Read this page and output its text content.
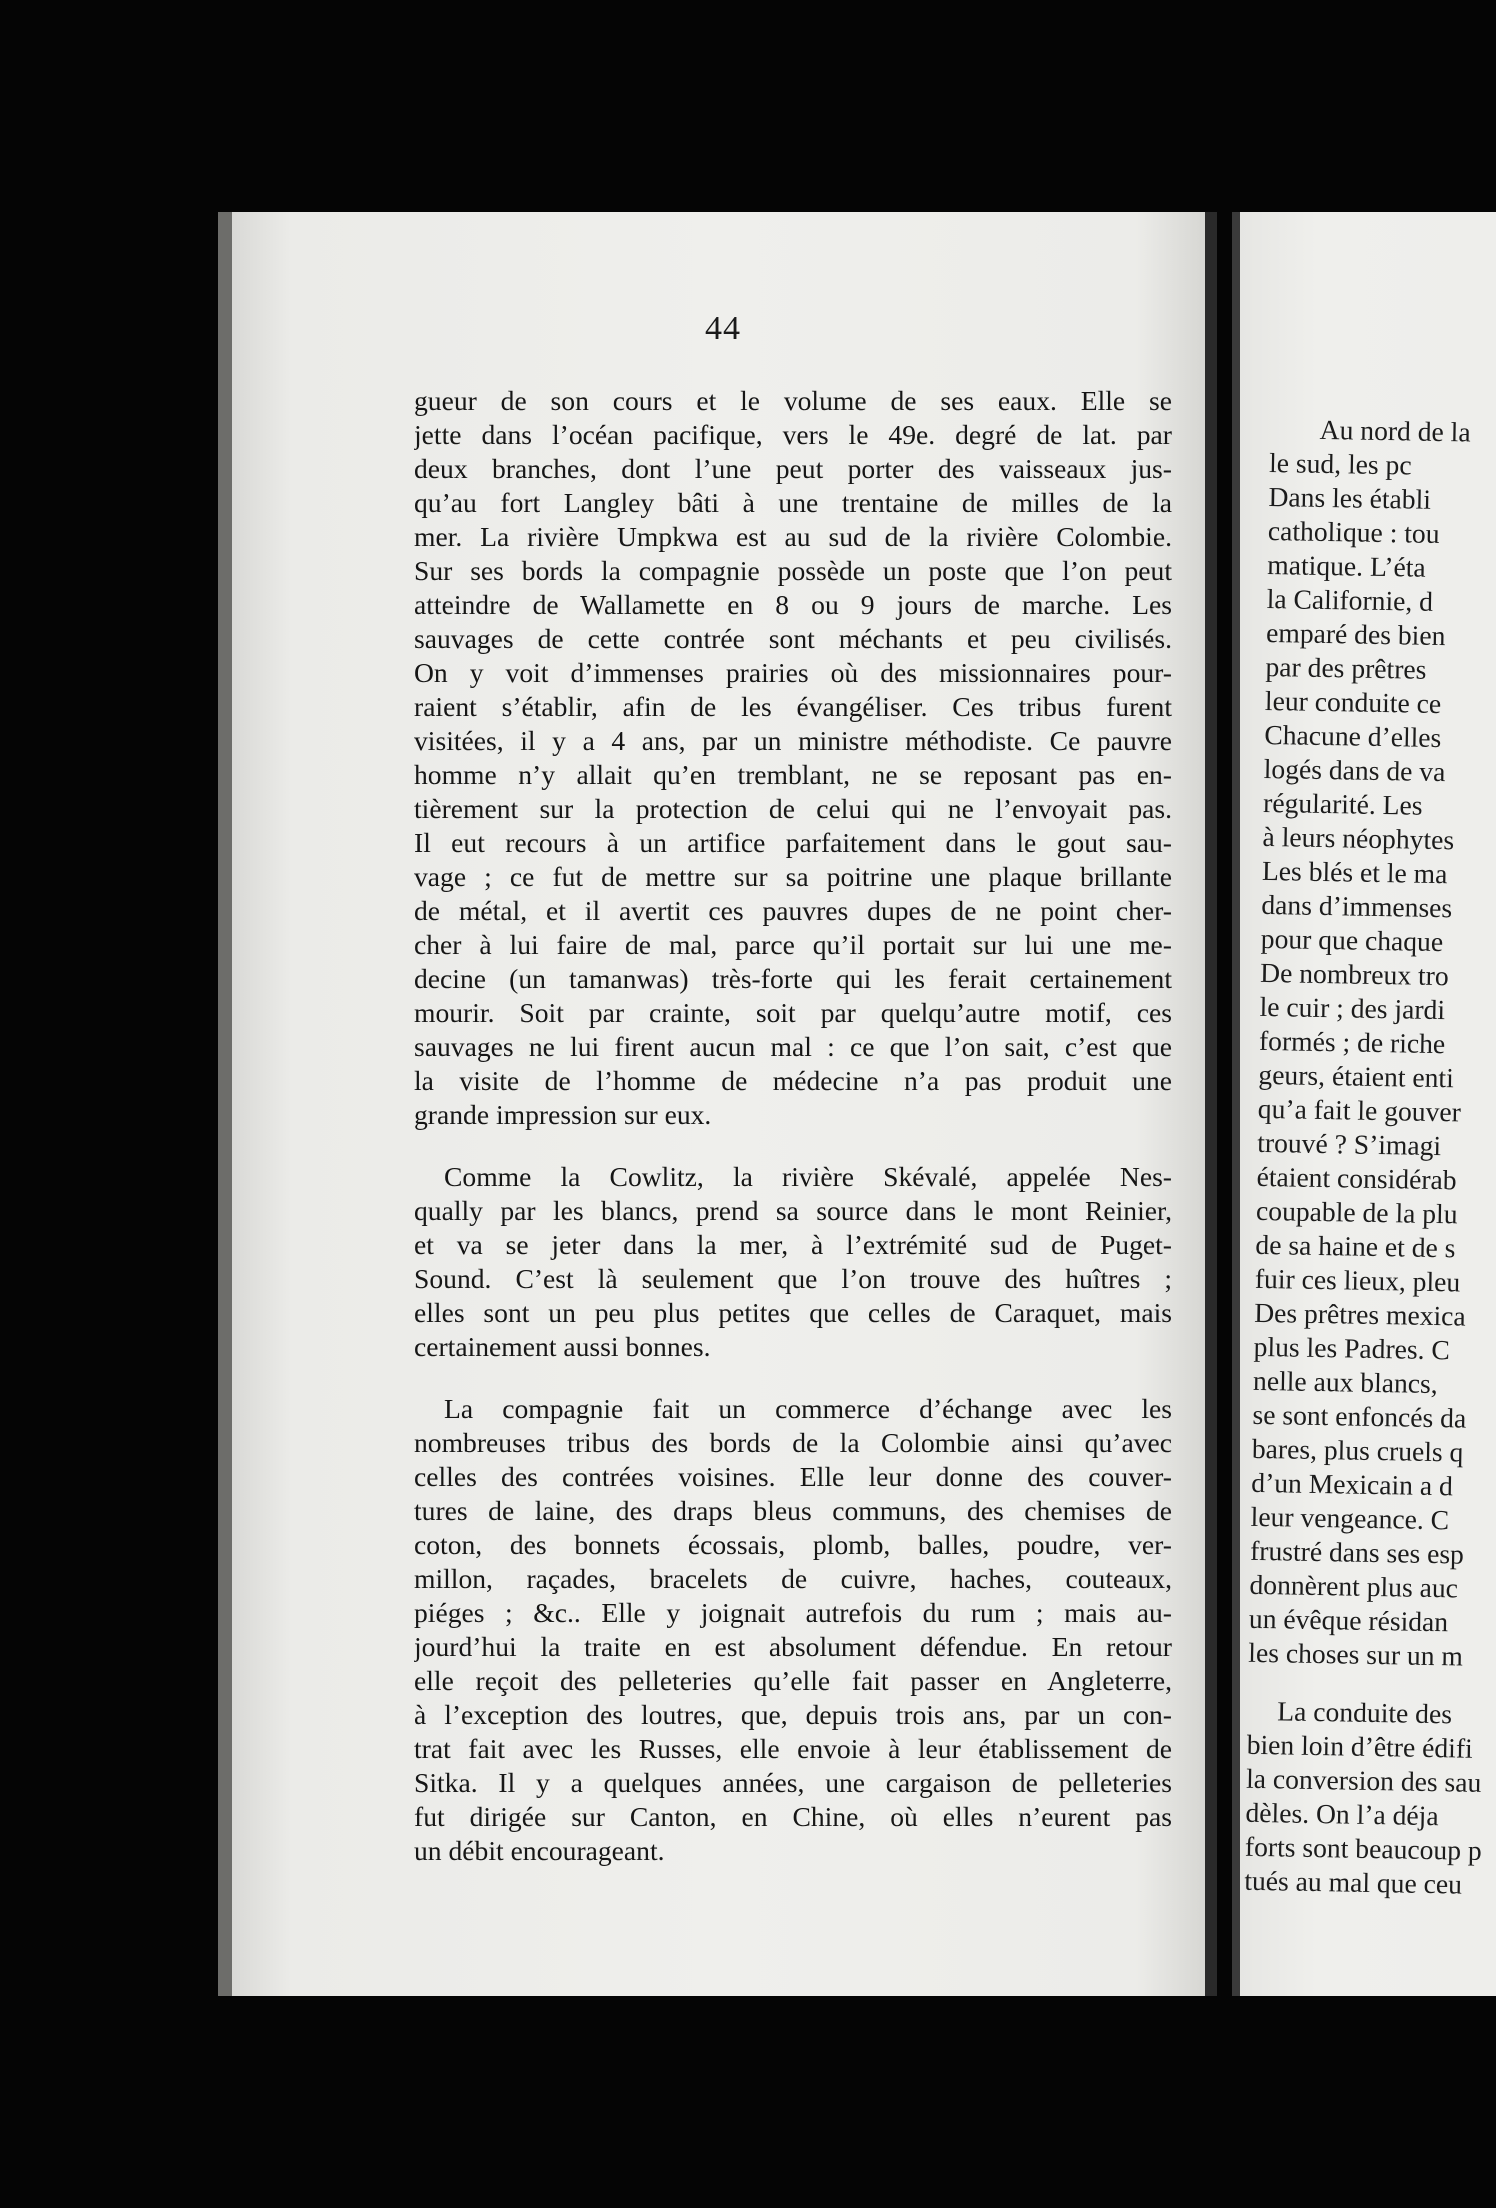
44
gueur de son cours et le volume de ses eaux. Elle se
jette dans l’océan pacifique, vers le 49e. degré de lat. par
deux branches, dont l’une peut porter des vaisseaux jus-
qu’au fort Langley bâti à une trentaine de milles de la
mer. La rivière Umpkwa est au sud de la rivière Colombie.
Sur ses bords la compagnie possède un poste que l’on peut
atteindre de Wallamette en 8 ou 9 jours de marche. Les
sauvages de cette contrée sont méchants et peu civilisés.
On y voit d’immenses prairies où des missionnaires pour-
raient s’établir, afin de les évangéliser. Ces tribus furent
visitées, il y a 4 ans, par un ministre méthodiste. Ce pauvre
homme n’y allait qu’en tremblant, ne se reposant pas en-
tièrement sur la protection de celui qui ne l’envoyait pas.
Il eut recours à un artifice parfaitement dans le gout sau-
vage ; ce fut de mettre sur sa poitrine une plaque brillante
de métal, et il avertit ces pauvres dupes de ne point cher-
cher à lui faire de mal, parce qu’il portait sur lui une me-
decine (un tamanwas) très-forte qui les ferait certainement
mourir. Soit par crainte, soit par quelqu’autre motif, ces
sauvages ne lui firent aucun mal : ce que l’on sait, c’est que
la visite de l’homme de médecine n’a pas produit une
grande impression sur eux.
Comme la Cowlitz, la rivière Skévalé, appelée Nes-
qually par les blancs, prend sa source dans le mont Reinier,
et va se jeter dans la mer, à l’extrémité sud de Puget-
Sound. C’est là seulement que l’on trouve des huîtres ;
elles sont un peu plus petites que celles de Caraquet, mais
certainement aussi bonnes.
La compagnie fait un commerce d’échange avec les
nombreuses tribus des bords de la Colombie ainsi qu’avec
celles des contrées voisines. Elle leur donne des couver-
tures de laine, des draps bleus communs, des chemises de
coton, des bonnets écossais, plomb, balles, poudre, ver-
millon, raçades, bracelets de cuivre, haches, couteaux,
piéges ; &c.. Elle y joignait autrefois du rum ; mais au-
jourd’hui la traite en est absolument défendue. En retour
elle reçoit des pelleteries qu’elle fait passer en Angleterre,
à l’exception des loutres, que, depuis trois ans, par un con-
trat fait avec les Russes, elle envoie à leur établissement de
Sitka. Il y a quelques années, une cargaison de pelleteries
fut dirigée sur Canton, en Chine, où elles n’eurent pas
un débit encourageant.
Au nord de la
le sud, les pc
Dans les établi
catholique : tou
matique. L’éta
la Californie, d
emparé des bien
par des prêtres
leur conduite ce
Chacune d’elles
logés dans de va
régularité. Les
à leurs néophytes
Les blés et le ma
dans d’immenses
pour que chaque
De nombreux tro
le cuir ; des jardi
formés ; de riche
geurs, étaient enti
qu’a fait le gouver
trouvé ? S’imagi
étaient considérab
coupable de la plu
de sa haine et de s
fuir ces lieux, pleu
Des prêtres mexica
plus les Padres. C
nelle aux blancs,
se sont enfoncés da
bares, plus cruels q
d’un Mexicain a d
leur vengeance. C
frustré dans ses esp
donnèrent plus auc
un évêque résidan
les choses sur un m
La conduite des
bien loin d’être édifi
la conversion des sau
dèles. On l’a déja
forts sont beaucoup p
tués au mal que ceu
